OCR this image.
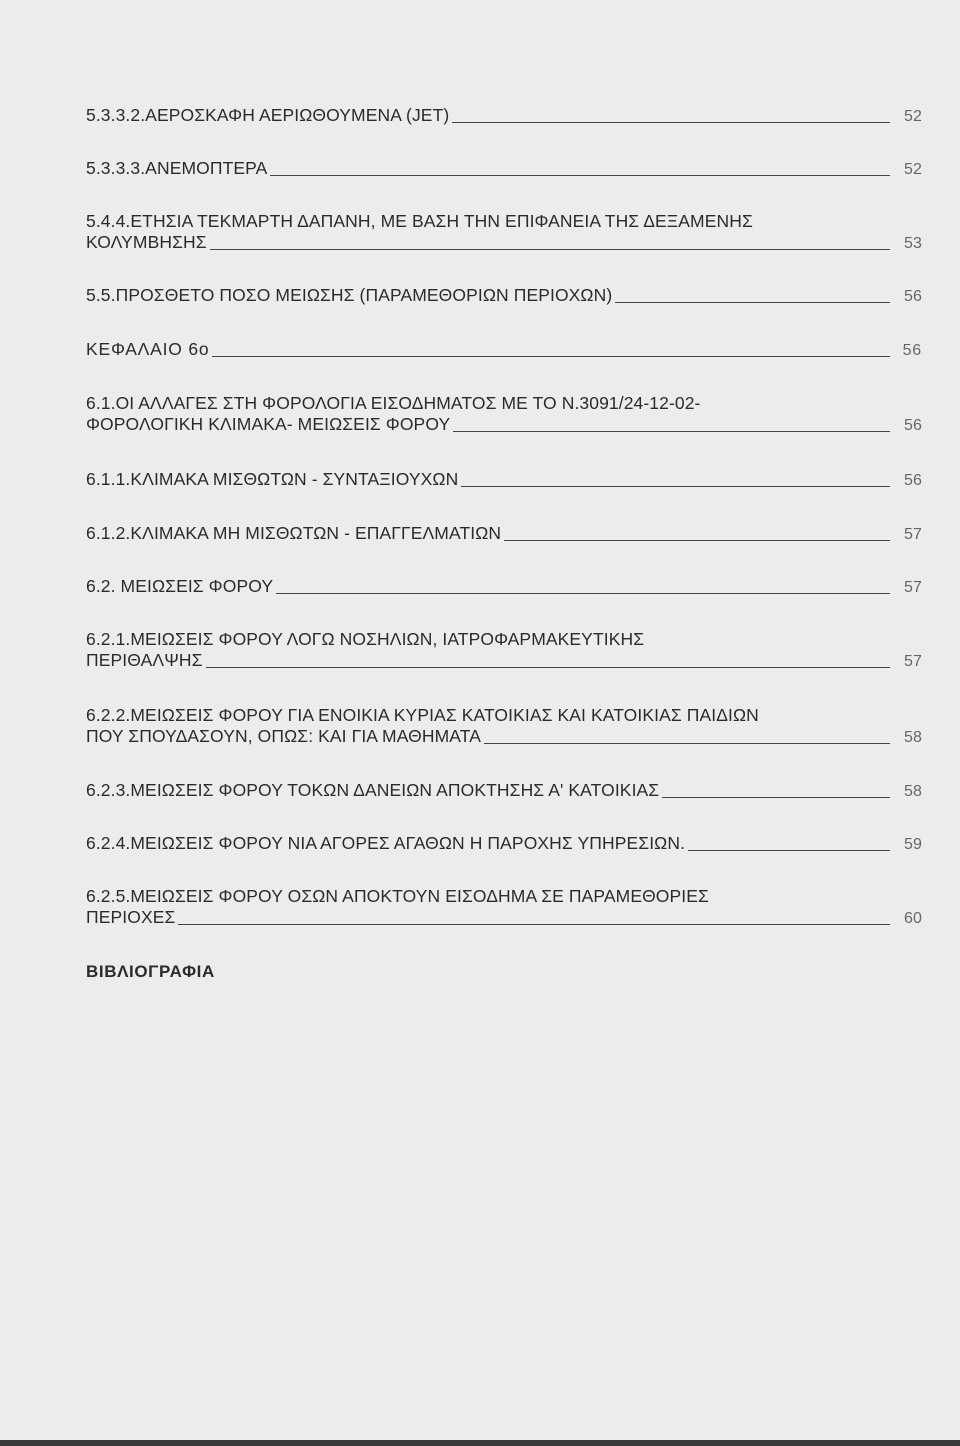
5.3.3.2.ΑΕΡΟΣΚΑΦΗ ΑΕΡΙΩΘΟΥΜΕΝΑ (JET)	52
5.3.3.3.ΑΝΕΜΟΠΤΕΡΑ	52
5.4.4.ΕΤΗΣΙΑ ΤΕΚΜΑΡΤΗ ΔΑΠΑΝΗ, ΜΕ ΒΑΣΗ ΤΗΝ ΕΠΙΦΑΝΕΙΑ ΤΗΣ ΔΕΞΑΜΕΝΗΣ
ΚΟΛΥΜΒΗΣΗΣ	53
5.5.ΠΡΟΣΘΕΤΟ ΠΟΣΟ ΜΕΙΩΣΗΣ (ΠΑΡΑΜΕΘΟΡΙΩΝ ΠΕΡΙΟΧΩΝ)	56
ΚΕΦΑΛΑΙΟ 6ο	56
6.1.ΟΙ ΑΛΛΑΓΕΣ ΣΤΗ ΦΟΡΟΛΟΓΙΑ ΕΙΣΟΔΗΜΑΤΟΣ ΜΕ ΤΟ Ν.3091/24-12-02-
ΦΟΡΟΛΟΓΙΚΗ ΚΛΙΜΑΚΑ- ΜΕΙΩΣΕΙΣ ΦΟΡΟΥ	56
6.1.1.ΚΛΙΜΑΚΑ ΜΙΣΘΩΤΩΝ - ΣΥΝΤΑΞΙΟΥΧΩΝ	56
6.1.2.ΚΛΙΜΑΚΑ ΜΗ ΜΙΣΘΩΤΩΝ - ΕΠΑΓΓΕΛΜΑΤΙΩΝ	57
6.2. ΜΕΙΩΣΕΙΣ ΦΟΡΟΥ	57
6.2.1.ΜΕΙΩΣΕΙΣ ΦΟΡΟΥ ΛΟΓΩ ΝΟΣΗΛΙΩΝ, ΙΑΤΡΟΦΑΡΜΑΚΕΥΤΙΚΗΣ
ΠΕΡΙΘΑΛΨΗΣ	57
6.2.2.ΜΕΙΩΣΕΙΣ ΦΟΡΟΥ ΓΙΑ ΕΝΟΙΚΙΑ ΚΥΡΙΑΣ ΚΑΤΟΙΚΙΑΣ ΚΑΙ ΚΑΤΟΙΚΙΑΣ ΠΑΙΔΙΩΝ
ΠΟΥ ΣΠΟΥΔΑΣΟΥΝ, ΟΠΩΣ: ΚΑΙ ΓΙΑ ΜΑΘΗΜΑΤΑ	58
6.2.3.ΜΕΙΩΣΕΙΣ ΦΟΡΟΥ ΤΟΚΩΝ ΔΑΝΕΙΩΝ ΑΠΟΚΤΗΣΗΣ Α' ΚΑΤΟΙΚΙΑΣ	58
6.2.4.ΜΕΙΩΣΕΙΣ ΦΟΡΟΥ ΝΙΑ ΑΓΟΡΕΣ ΑΓΑΘΩΝ Η ΠΑΡΟΧΗΣ ΥΠΗΡΕΣΙΩΝ.	59
6.2.5.ΜΕΙΩΣΕΙΣ ΦΟΡΟΥ ΟΣΩΝ ΑΠΟΚΤΟΥΝ ΕΙΣΟΔΗΜΑ ΣΕ ΠΑΡΑΜΕΘΟΡΙΕΣ
ΠΕΡΙΟΧΕΣ	60
ΒΙΒΛΙΟΓΡΑΦΙΑ
